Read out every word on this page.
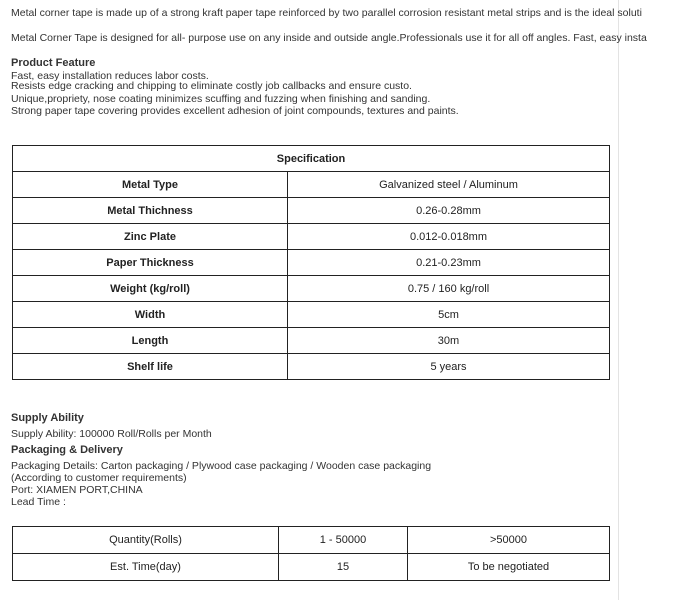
Metal corner tape is made up of a strong kraft paper tape reinforced by two parallel corrosion resistant metal strips and is the ideal soluti
Metal Corner Tape is designed for all- purpose use on any inside and outside angle.Professionals use it for all off angles. Fast, easy insta
Product Feature
Fast, easy installation reduces labor costs.
Resists edge cracking and chipping to eliminate costly job callbacks and ensure custo.
Unique,propriety, nose coating minimizes scuffing and fuzzing when finishing and sanding.
Strong paper tape covering provides excellent adhesion of joint compounds, textures and paints.
Specification	
Metal Type	Galvanized steel / Aluminum
Metal Thichness	0.26-0.28mm
Zinc Plate	0.012-0.018mm
Paper Thickness	0.21-0.23mm
Weight (kg/roll)	0.75 / 160 kg/roll
Width	5cm
Length	30m
Shelf life	5 years
Supply Ability
Supply Ability: 100000 Roll/Rolls per Month
Packaging & Delivery
Packaging Details: Carton packaging / Plywood case packaging / Wooden case packaging
(According to customer requirements)
Port: XIAMEN PORT,CHINA
Lead Time :
Quantity(Rolls)	1 - 50000	>50000
Est. Time(day)	15	To be negotiated
